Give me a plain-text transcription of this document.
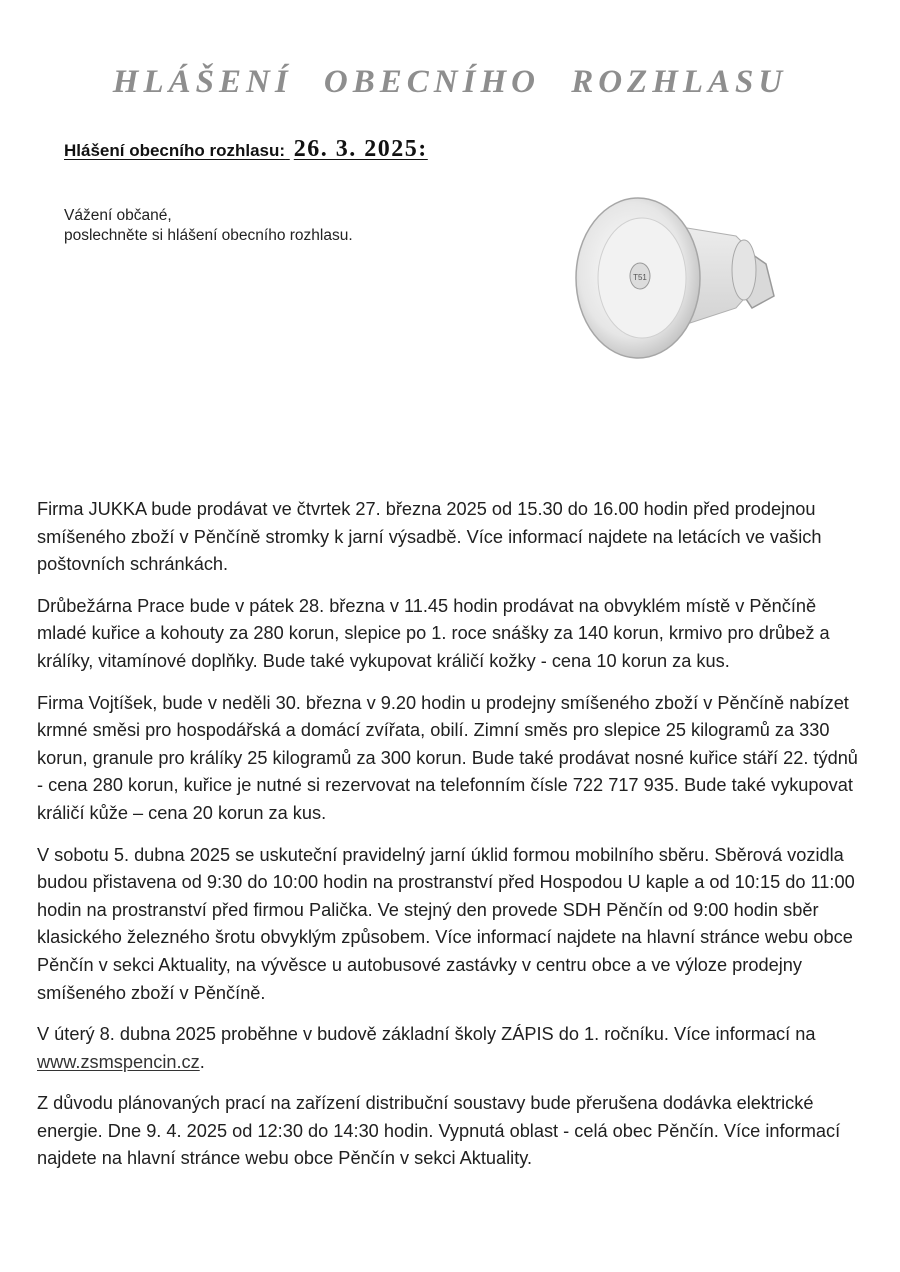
HLÁŠENÍ OBECNÍHO ROZHLASU
Hlášení obecního rozhlasu: 26. 3. 2025:
Vážení občané,
poslechněte si hlášení obecního rozhlasu.
T51

Firma JUKKA bude prodávat ve čtvrtek 27. března 2025 od 15.30 do 16.00 hodin před prodejnou smíšeného zboží v Pěnčíně stromky k jarní výsadbě. Více informací najdete na letácích ve vašich poštovních schránkách.

Drůbežárna Prace bude v pátek 28. března v 11.45 hodin prodávat na obvyklém místě v Pěnčíně mladé kuřice a kohouty za 280 korun, slepice po 1. roce snášky za 140 korun, krmivo pro drůbež a králíky, vitamínové doplňky. Bude také vykupovat králičí kožky - cena 10 korun za kus.

Firma Vojtíšek, bude v neděli 30. března v 9.20 hodin u prodejny smíšeného zboží v Pěnčíně nabízet krmné směsi pro hospodářská a domácí zvířata, obilí. Zimní směs pro slepice 25 kilogramů za 330 korun, granule pro králíky 25 kilogramů za 300 korun. Bude také prodávat nosné kuřice stáří 22. týdnů - cena 280 korun, kuřice je nutné si rezervovat na telefonním čísle 722 717 935. Bude také vykupovat králičí kůže – cena 20 korun za kus.

V sobotu 5. dubna 2025 se uskuteční pravidelný jarní úklid formou mobilního sběru. Sběrová vozidla budou přistavena od 9:30 do 10:00 hodin na prostranství před Hospodou U kaple a od 10:15 do 11:00 hodin na prostranství před firmou Palička. Ve stejný den provede SDH Pěnčín od 9:00 hodin sběr klasického železného šrotu obvyklým způsobem. Více informací najdete na hlavní stránce webu obce Pěnčín v sekci Aktuality, na vývěsce u autobusové zastávky v centru obce a ve výloze prodejny smíšeného zboží v Pěnčíně.

V úterý 8. dubna 2025 proběhne v budově základní školy ZÁPIS do 1. ročníku. Více informací na www.zsmspencin.cz.

Z důvodu plánovaných prací na zařízení distribuční soustavy bude přerušena dodávka elektrické energie. Dne 9. 4. 2025 od 12:30 do 14:30 hodin. Vypnutá oblast - celá obec Pěnčín. Více informací najdete na hlavní stránce webu obce Pěnčín v sekci Aktuality.
